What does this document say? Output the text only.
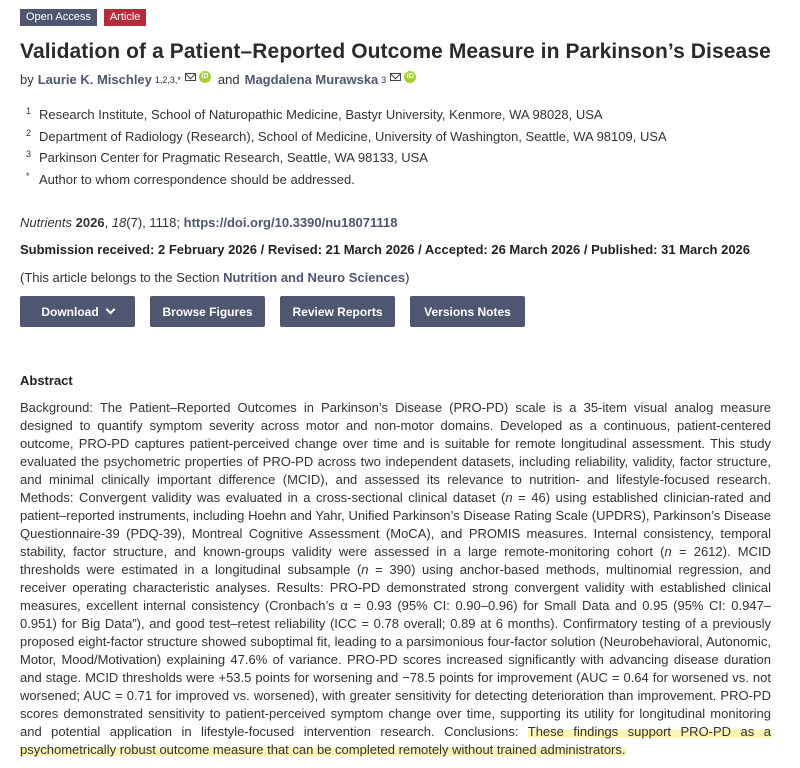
Open Access	Article
Validation of a Patient–Reported Outcome Measure in Parkinson’s Disease
by Laurie K. Mischley 1,2,3,*	iD and Magdalena Murawska 3	iD
1 Research Institute, School of Naturopathic Medicine, Bastyr University, Kenmore, WA 98028, USA
2 Department of Radiology (Research), School of Medicine, University of Washington, Seattle, WA 98109, USA
3 Parkinson Center for Pragmatic Research, Seattle, WA 98133, USA
* Author to whom correspondence should be addressed.
Nutrients 2026, 18(7), 1118; https://doi.org/10.3390/nu18071118
Submission received: 2 February 2026 / Revised: 21 March 2026 / Accepted: 26 March 2026 / Published: 31 March 2026
(This article belongs to the Section Nutrition and Neuro Sciences)
Download	Browse Figures	Review Reports	Versions Notes
Abstract

Background: The Patient–Reported Outcomes in Parkinson’s Disease (PRO-PD) scale is a 35-item visual analog measure designed to quantify symptom severity across motor and non-motor domains. Developed as a continuous, patient-centered outcome, PRO-PD captures patient-perceived change over time and is suitable for remote longitudinal assessment. This study evaluated the psychometric properties of PRO-PD across two independent datasets, including reliability, validity, factor structure, and minimal clinically important difference (MCID), and assessed its relevance to nutrition- and lifestyle-focused research. Methods: Convergent validity was evaluated in a cross-sectional clinical dataset (n = 46) using established clinician-rated and patient–reported instruments, including Hoehn and Yahr, Unified Parkinson’s Disease Rating Scale (UPDRS), Parkinson’s Disease Questionnaire-39 (PDQ-39), Montreal Cognitive Assessment (MoCA), and PROMIS measures. Internal consistency, temporal stability, factor structure, and known-groups validity were assessed in a large remote-monitoring cohort (n = 2612). MCID thresholds were estimated in a longitudinal subsample (n = 390) using anchor-based methods, multinomial regression, and receiver operating characteristic analyses. Results: PRO-PD demonstrated strong convergent validity with established clinical measures, excellent internal consistency (Cronbach’s α = 0.93 (95% CI: 0.90–0.96) for Small Data and 0.95 (95% CI: 0.947–0.951) for Big Data”), and good test–retest reliability (ICC = 0.78 overall; 0.89 at 6 months). Confirmatory testing of a previously proposed eight-factor structure showed suboptimal fit, leading to a parsimonious four-factor solution (Neurobehavioral, Autonomic, Motor, Mood/Motivation) explaining 47.6% of variance. PRO-PD scores increased significantly with advancing disease duration and stage. MCID thresholds were +53.5 points for worsening and −78.5 points for improvement (AUC = 0.64 for worsened vs. not worsened; AUC = 0.71 for improved vs. worsened), with greater sensitivity for detecting deterioration than improvement. PRO-PD scores demonstrated sensitivity to patient-perceived symptom change over time, supporting its utility for longitudinal monitoring and potential application in lifestyle-focused intervention research. Conclusions: These findings support PRO-PD as a psychometrically robust outcome measure that can be completed remotely without trained administrators.
